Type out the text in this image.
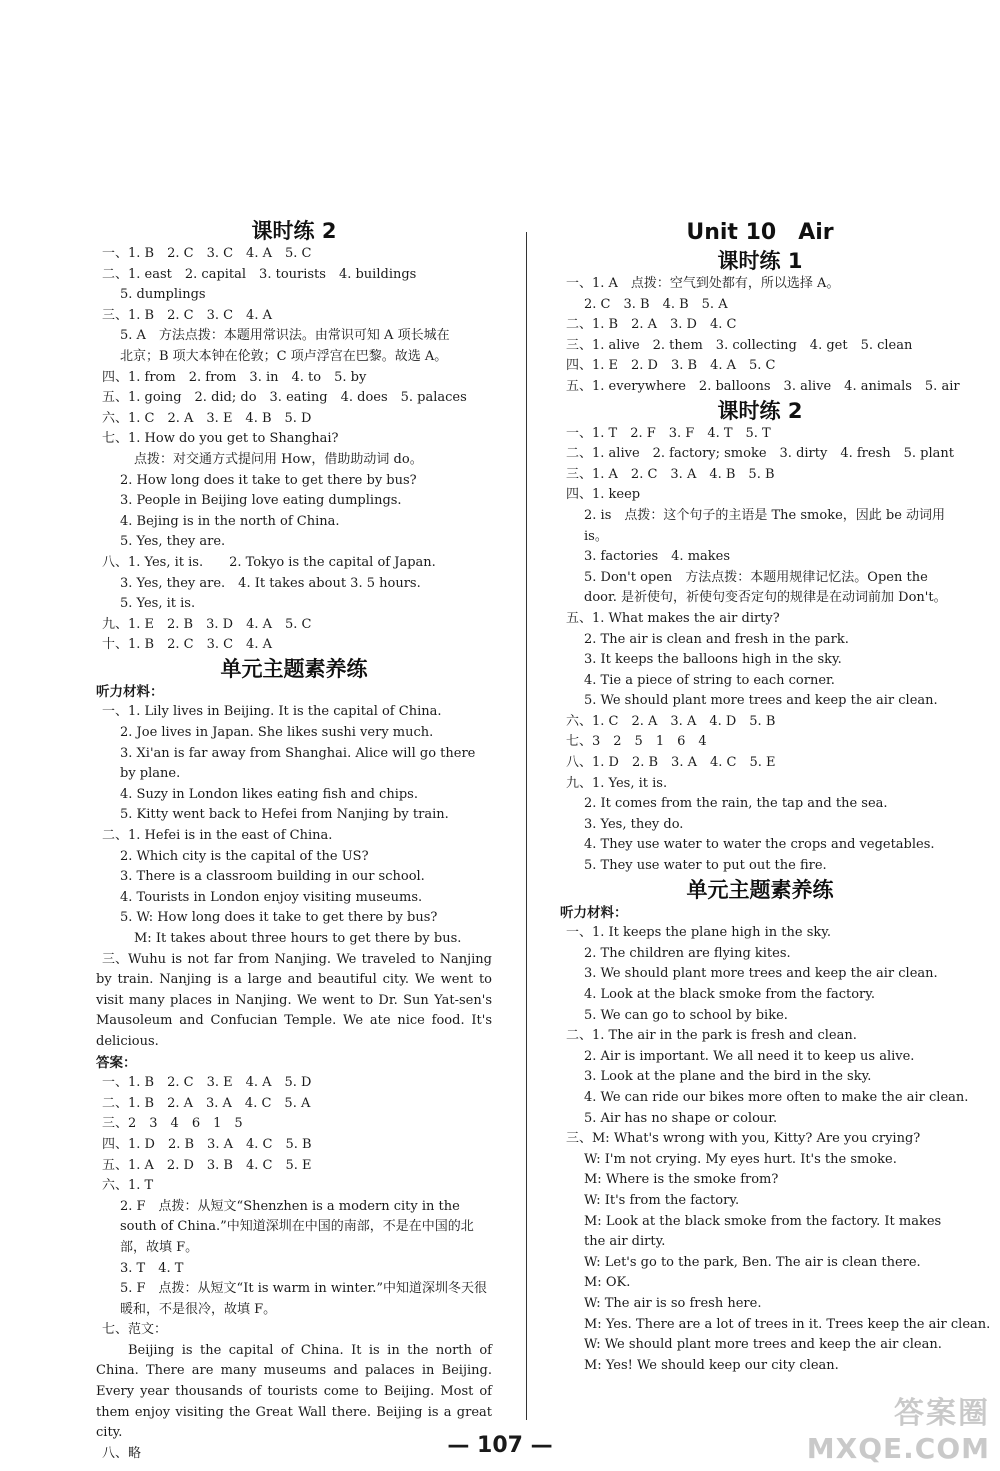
课时练 2
一、1. B　2. C　3. C　4. A　5. C
二、1. east　2. capital　3. tourists　4. buildings
5. dumplings
三、1. B　2. C　3. C　4. A
5. A　方法点拨：本题用常识法。由常识可知 A 项长城在
北京；B 项大本钟在伦敦；C 项卢浮宫在巴黎。故选 A。
四、1. from　2. from　3. in　4. to　5. by
五、1. going　2. did; do　3. eating　4. does　5. palaces
六、1. C　2. A　3. E　4. B　5. D
七、1. How do you get to Shanghai?
点拨：对交通方式提问用 How，借助助动词 do。
2. How long does it take to get there by bus?
3. People in Beijing love eating dumplings.
4. Bejing is in the north of China.
5. Yes, they are.
八、1. Yes, it is.　　2. Tokyo is the capital of Japan.
3. Yes, they are.　4. It takes about 3. 5 hours.
5. Yes, it is.
九、1. E　2. B　3. D　4. A　5. C
十、1. B　2. C　3. C　4. A
单元主题素养练
听力材料：
一、1. Lily lives in Beijing. It is the capital of China.
2. Joe lives in Japan. She likes sushi very much.
3. Xi'an is far away from Shanghai. Alice will go there by plane.
4. Suzy in London likes eating fish and chips.
5. Kitty went back to Hefei from Nanjing by train.
二、1. Hefei is in the east of China.
2. Which city is the capital of the US?
3. There is a classroom building in our school.
4. Tourists in London enjoy visiting museums.
5. W: How long does it take to get there by bus?
M: It takes about three hours to get there by bus.
三、 Wuhu is not far from Nanjing. We traveled to Nanjing by train. Nanjing is a large and beautiful city. We went to visit many places in Nanjing. We went to Dr. Sun Yat-sen's Mausoleum and Confucian Temple. We ate nice food. It's delicious.
答案：
一、1. B　2. C　3. E　4. A　5. D
二、1. B　2. A　3. A　4. C　5. A
三、2　3　4　6　1　5
四、1. D　2. B　3. A　4. C　5. B
五、1. A　2. D　3. B　4. C　5. E
六、1. T
2. F　点拨：从短文“Shenzhen is a modern city in the south of China.”中知道深圳在中国的南部，不是在中国的北部，故填 F。
3. T　4. T
5. F　点拨：从短文“It is warm in winter.”中知道深圳冬天很暖和，不是很冷，故填 F。
七、范文：
Beijing is the capital of China. It is in the north of China. There are many museums and palaces in Beijing. Every year thousands of tourists come to Beijing. Most of them enjoy visiting the Great Wall there. Beijing is a great city.
八、略
Unit 10　Air
课时练 1
一、1. A　点拨：空气到处都有，所以选择 A。
2. C　3. B　4. B　5. A
二、1. B　2. A　3. D　4. C
三、1. alive　2. them　3. collecting　4. get　5. clean
四、1. E　2. D　3. B　4. A　5. C
五、1. everywhere　2. balloons　3. alive　4. animals　5. air
课时练 2
一、1. T　2. F　3. F　4. T　5. T
二、1. alive　2. factory; smoke　3. dirty　4. fresh　5. plant
三、1. A　2. C　3. A　4. B　5. B
四、1. keep
2. is　点拨：这个句子的主语是 The smoke，因此 be 动词用 is。
3. factories　4. makes
5. Don't open　方法点拨：本题用规律记忆法。Open the door. 是祈使句，祈使句变否定句的规律是在动词前加 Don't。
五、1. What makes the air dirty?
2. The air is clean and fresh in the park.
3. It keeps the balloons high in the sky.
4. Tie a piece of string to each corner.
5. We should plant more trees and keep the air clean.
六、1. C　2. A　3. A　4. D　5. B
七、3　2　5　1　6　4
八、1. D　2. B　3. A　4. C　5. E
九、1. Yes, it is.
2. It comes from the rain, the tap and the sea.
3. Yes, they do.
4. They use water to water the crops and vegetables.
5. They use water to put out the fire.
单元主题素养练
听力材料：
一、1. It keeps the plane high in the sky.
2. The children are flying kites.
3. We should plant more trees and keep the air clean.
4. Look at the black smoke from the factory.
5. We can go to school by bike.
二、1. The air in the park is fresh and clean.
2. Air is important. We all need it to keep us alive.
3. Look at the plane and the bird in the sky.
4. We can ride our bikes more often to make the air clean.
5. Air has no shape or colour.
三、M: What's wrong with you, Kitty? Are you crying?
W: I'm not crying. My eyes hurt. It's the smoke.
M: Where is the smoke from?
W: It's from the factory.
M: Look at the black smoke from the factory. It makes the air dirty.
W: Let's go to the park, Ben. The air is clean there.
M: OK.
W: The air is so fresh here.
M: Yes. There are a lot of trees in it. Trees keep the air clean.
W: We should plant more trees and keep the air clean.
M: Yes! We should keep our city clean.
— 107 —
答案圈
MXQE.COM
